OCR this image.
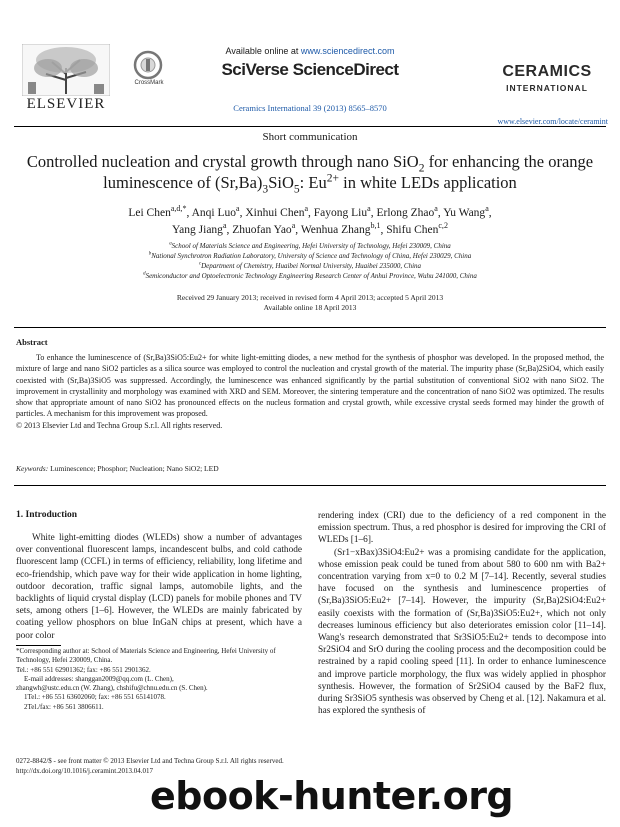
ELSEVIER
CrossMark
Available online at www.sciencedirect.com
SciVerse ScienceDirect
Ceramics International 39 (2013) 8565–8570
CERAMICS
INTERNATIONAL
www.elsevier.com/locate/ceramint
Short communication
Controlled nucleation and crystal growth through nano SiO$_2$ for enhancing the orange luminescence of $(Sr,Ba)_3SiO_5$: $Eu^{2+}$ in white LEDs application
Lei Chen$^{a,d,*}$, Anqi Luo$^a$, Xinhui Chen$^a$, Fayong Liu$^a$, Erlong Zhao$^a$, Yu Wang$^a$,
Yang Jiang$^a$, Zhuofan Yao$^a$, Wenhua Zhang$^{b,1}$, Shifu Chen$^{c,2}$
$^a$School of Materials Science and Engineering, Hefei University of Technology, Hefei 230009, China
$^b$National Synchrotron Radiation Laboratory, University of Science and Technology of China, Hefei 230029, China
$^c$Department of Chemistry, Huaibei Normal University, Huaibei 235000, China
$^d$Semiconductor and Optoelectronic Technology Engineering Research Center of Anhui Province, Wuhu 241000, China
Received 29 January 2013; received in revised form 4 April 2013; accepted 5 April 2013
Available online 18 April 2013
Abstract

To enhance the luminescence of (Sr,Ba)3SiO5:Eu2+ for white light-emitting diodes, a new method for the synthesis of phosphor was developed. In the proposed method, the mixture of large and nano SiO2 particles as a silica source was employed to control the nucleation and crystal growth of the material. The impurity phase (Sr,Ba)2SiO4, which easily coexisted with (Sr,Ba)3SiO5 was suppressed. Accordingly, the luminescence was enhanced significantly by the partial substitution of conventional SiO2 with nano SiO2. The improvement in crystallinity and morphology was examined with XRD and SEM. Moreover, the sintering temperature and the concentration of nano SiO2 was optimized. The results show that appropriate amount of nano SiO2 has pronounced effects on the nucleus formation and crystal growth, while excessive crystal seeds formed may hinder the growth of particles. A mechanism for this improvement was proposed.

© 2013 Elsevier Ltd and Techna Group S.r.l. All rights reserved.
Keywords: Luminescence; Phosphor; Nucleation; Nano SiO2; LED
1. Introduction
White light-emitting diodes (WLEDs) show a number of advantages over conventional fluorescent lamps, incandescent bulbs, and cold cathode fluorescent lamp (CCFL) in terms of efficiency, reliability, long lifetime and eco-friendship, which pave way for their wide application in home lighting, outdoor decoration, traffic signal lamps, automobile lights, and the backlights of liquid crystal display (LCD) panels for mobile phones and TV sets, among others [1–6]. However, the WLEDs are mainly fabricated by coating yellow phosphors on blue InGaN chips at present, which have a poor color
rendering index (CRI) due to the deficiency of a red component in the emission spectrum. Thus, a red phosphor is desired for improving the CRI of WLEDs [1–6].
(Sr1−xBax)3SiO4:Eu2+ was a promising candidate for the application, whose emission peak could be tuned from about 580 to 600 nm with Ba2+ concentration varying from x=0 to 0.2 M [7–14]. Recently, several studies have focused on the synthesis and luminescence properties of (Sr,Ba)3SiO5:Eu2+ [7–14]. However, the impurity (Sr,Ba)2SiO4:Eu2+ easily coexists with the formation of (Sr,Ba)3SiO5:Eu2+, which not only decreases luminous efficiency but also deteriorates emission color [11–14]. Wang's research demonstrated that Sr3SiO5:Eu2+ tends to decompose into Sr2SiO4 and SrO during the cooling process and the decomposition could be restrained by a rapid cooling speed [11]. In order to enhance luminescence and improve particle morphology, the flux was widely applied in phosphor synthesis. However, the formation of Sr2SiO4 caused by the BaF2 flux, during Sr3SiO5 synthesis was observed by Cheng et al. [12]. Nakamura et al. has explored the synthesis of
*Corresponding author at: School of Materials Science and Engineering, Hefei University of Technology, Hefei 230009, China.
Tel.: +86 551 62901362; fax: +86 551 2901362.
E-mail addresses: shanggan2009@qq.com (L. Chen),
zhangwh@ustc.edu.cn (W. Zhang), chshifu@chnu.edu.cn (S. Chen).
1Tel.: +86 551 63602060; fax: +86 551 65141078.
2Tel./fax: +86 561 3806611.
0272-8842/$ - see front matter © 2013 Elsevier Ltd and Techna Group S.r.l. All rights reserved.
http://dx.doi.org/10.1016/j.ceramint.2013.04.017
ebook-hunter.org
